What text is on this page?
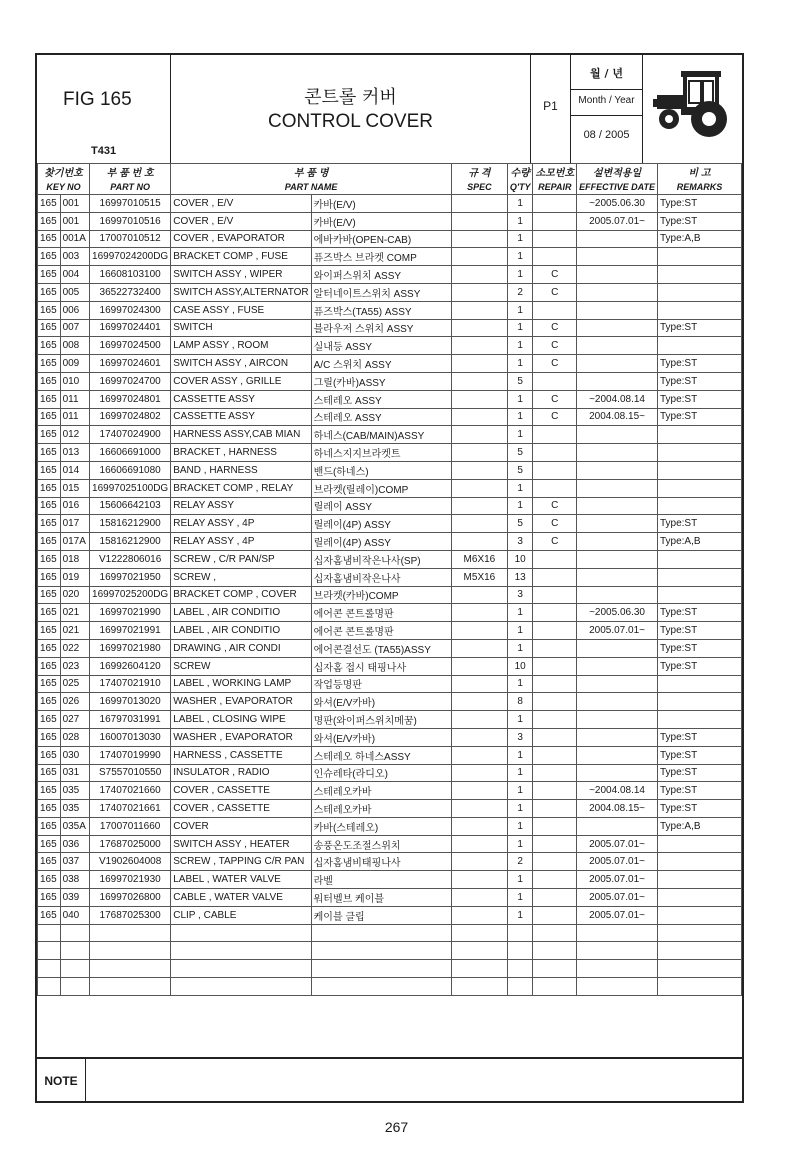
FIG 165
T431
콘트롤 커버
CONTROL COVER
P1
월 / 년
Month / Year
08 / 2005
찾기번호		부 품 번 호	부 품 명		규 격	수량	소모번호	설변적용일	비 고
KEY NO		PART NO	PART NAME		SPEC	Q'TY	REPAIR	EFFECTIVE DATE	REMARKS
165	001	16997010515	COVER , E/V	카바(E/V)		1		~2005.06.30	Type:ST
165	001	16997010516	COVER , E/V	카바(E/V)		1		2005.07.01~	Type:ST
165	001A	17007010512	COVER , EVAPORATOR	에바카바(OPEN-CAB)		1			Type:A,B
165	003	16997024200DG	BRACKET COMP , FUSE	퓨즈박스 브라켓 COMP		1			
165	004	16608103100	SWITCH ASSY , WIPER	와이퍼스위치 ASSY		1	C		
165	005	36522732400	SWITCH ASSY,ALTERNATOR	알터네이트스위치 ASSY		2	C		
165	006	16997024300	CASE ASSY , FUSE	퓨즈박스(TA55) ASSY		1			
165	007	16997024401	SWITCH	블라우저 스위치 ASSY		1	C		Type:ST
165	008	16997024500	LAMP ASSY , ROOM	실내등 ASSY		1	C		
165	009	16997024601	SWITCH ASSY , AIRCON	A/C 스위치 ASSY		1	C		Type:ST
165	010	16997024700	COVER ASSY , GRILLE	그릴(카바)ASSY		5			Type:ST
165	011	16997024801	CASSETTE ASSY	스테레오 ASSY		1	C	~2004.08.14	Type:ST
165	011	16997024802	CASSETTE ASSY	스테레오 ASSY		1	C	2004.08.15~	Type:ST
165	012	17407024900	HARNESS ASSY,CAB MIAN	하네스(CAB/MAIN)ASSY		1			
165	013	16606691000	BRACKET , HARNESS	하네스지지브라켓트		5			
165	014	16606691080	BAND , HARNESS	밴드(하네스)		5			
165	015	16997025100DG	BRACKET COMP , RELAY	브라켓(릴레이)COMP		1			
165	016	15606642103	RELAY ASSY	릴레이 ASSY		1	C		
165	017	15816212900	RELAY ASSY , 4P	릴레이(4P) ASSY		5	C		Type:ST
165	017A	15816212900	RELAY ASSY , 4P	릴레이(4P) ASSY		3	C		Type:A,B
165	018	V1222806016	SCREW , C/R PAN/SP	십자홈냄비작은나사(SP)	M6X16	10			
165	019	16997021950	SCREW ,	십자홈냄비작은나사	M5X16	13			
165	020	16997025200DG	BRACKET COMP , COVER	브라켓(카바)COMP		3			
165	021	16997021990	LABEL , AIR CONDITIO	에어콘 콘트롤명판		1		~2005.06.30	Type:ST
165	021	16997021991	LABEL , AIR CONDITIO	에어콘 콘트롤명판		1		2005.07.01~	Type:ST
165	022	16997021980	DRAWING , AIR CONDI	에어콘결선도 (TA55)ASSY		1			Type:ST
165	023	16992604120	SCREW	십자홈 접시 태핑나사		10			Type:ST
165	025	17407021910	LABEL , WORKING LAMP	작업등명판		1			
165	026	16997013020	WASHER , EVAPORATOR	와셔(E/V카바)		8			
165	027	16797031991	LABEL , CLOSING WIPE	명판(와이퍼스위치메꿈)		1			
165	028	16007013030	WASHER , EVAPORATOR	와셔(E/V카바)		3			Type:ST
165	030	17407019990	HARNESS , CASSETTE	스테레오 하네스ASSY		1			Type:ST
165	031	S7557010550	INSULATOR , RADIO	인슈레타(라디오)		1			Type:ST
165	035	17407021660	COVER , CASSETTE	스테레오카바		1		~2004.08.14	Type:ST
165	035	17407021661	COVER , CASSETTE	스테레오카바		1		2004.08.15~	Type:ST
165	035A	17007011660	COVER	카바(스테레오)		1			Type:A,B
165	036	17687025000	SWITCH ASSY , HEATER	송풍온도조절스위치		1		2005.07.01~	
165	037	V1902604008	SCREW , TAPPING C/R PAN	십자홈냄비태핑나사		2		2005.07.01~	
165	038	16997021930	LABEL , WATER VALVE	라벨		1		2005.07.01~	
165	039	16997026800	CABLE , WATER VALVE	워터벨브 케이블		1		2005.07.01~	
165	040	17687025300	CLIP , CABLE	케이블 클립		1		2005.07.01~	

NOTE
267
